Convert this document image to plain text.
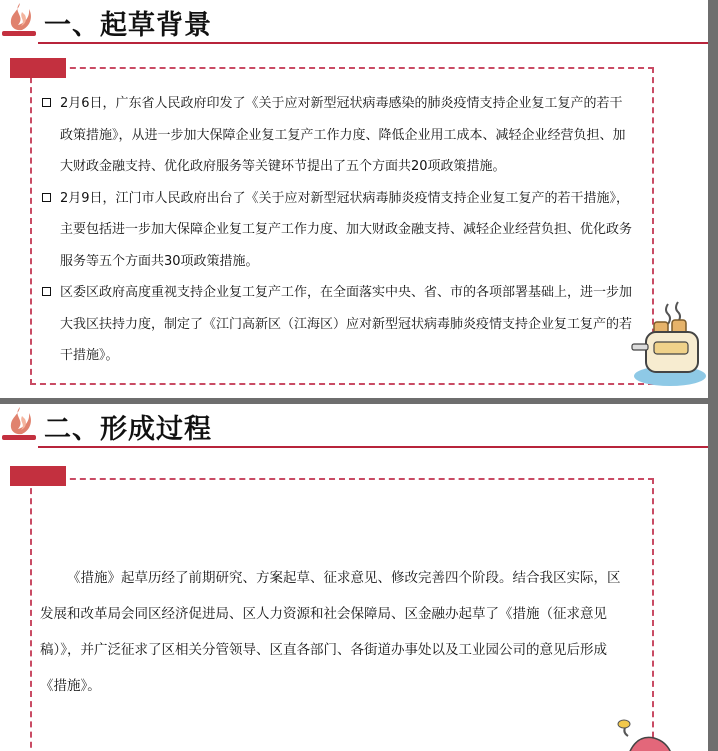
一、起草背景
2月6日，广东省人民政府印发了《关于应对新型冠状病毒感染的肺炎疫情支持企业复工复产的若干政策措施》，从进一步加大保障企业复工复产工作力度、降低企业用工成本、减轻企业经营负担、加大财政金融支持、优化政府服务等关键环节提出了五个方面共20项政策措施。
2月9日，江门市人民政府出台了《关于应对新型冠状病毒肺炎疫情支持企业复工复产的若干措施》，主要包括进一步加大保障企业复工复产工作力度、加大财政金融支持、减轻企业经营负担、优化政务服务等五个方面共30项政策措施。
区委区政府高度重视支持企业复工复产工作，在全面落实中央、省、市的各项部署基础上，进一步加大我区扶持力度，制定了《江门高新区（江海区）应对新型冠状病毒肺炎疫情支持企业复工复产的若干措施》。
二、形成过程

《措施》起草历经了前期研究、方案起草、征求意见、修改完善四个阶段。结合我区实际，区发展和改革局会同区经济促进局、区人力资源和社会保障局、区金融办起草了《措施（征求意见稿）》，并广泛征求了区相关分管领导、区直各部门、各街道办事处以及工业园公司的意见后形成《措施》。
